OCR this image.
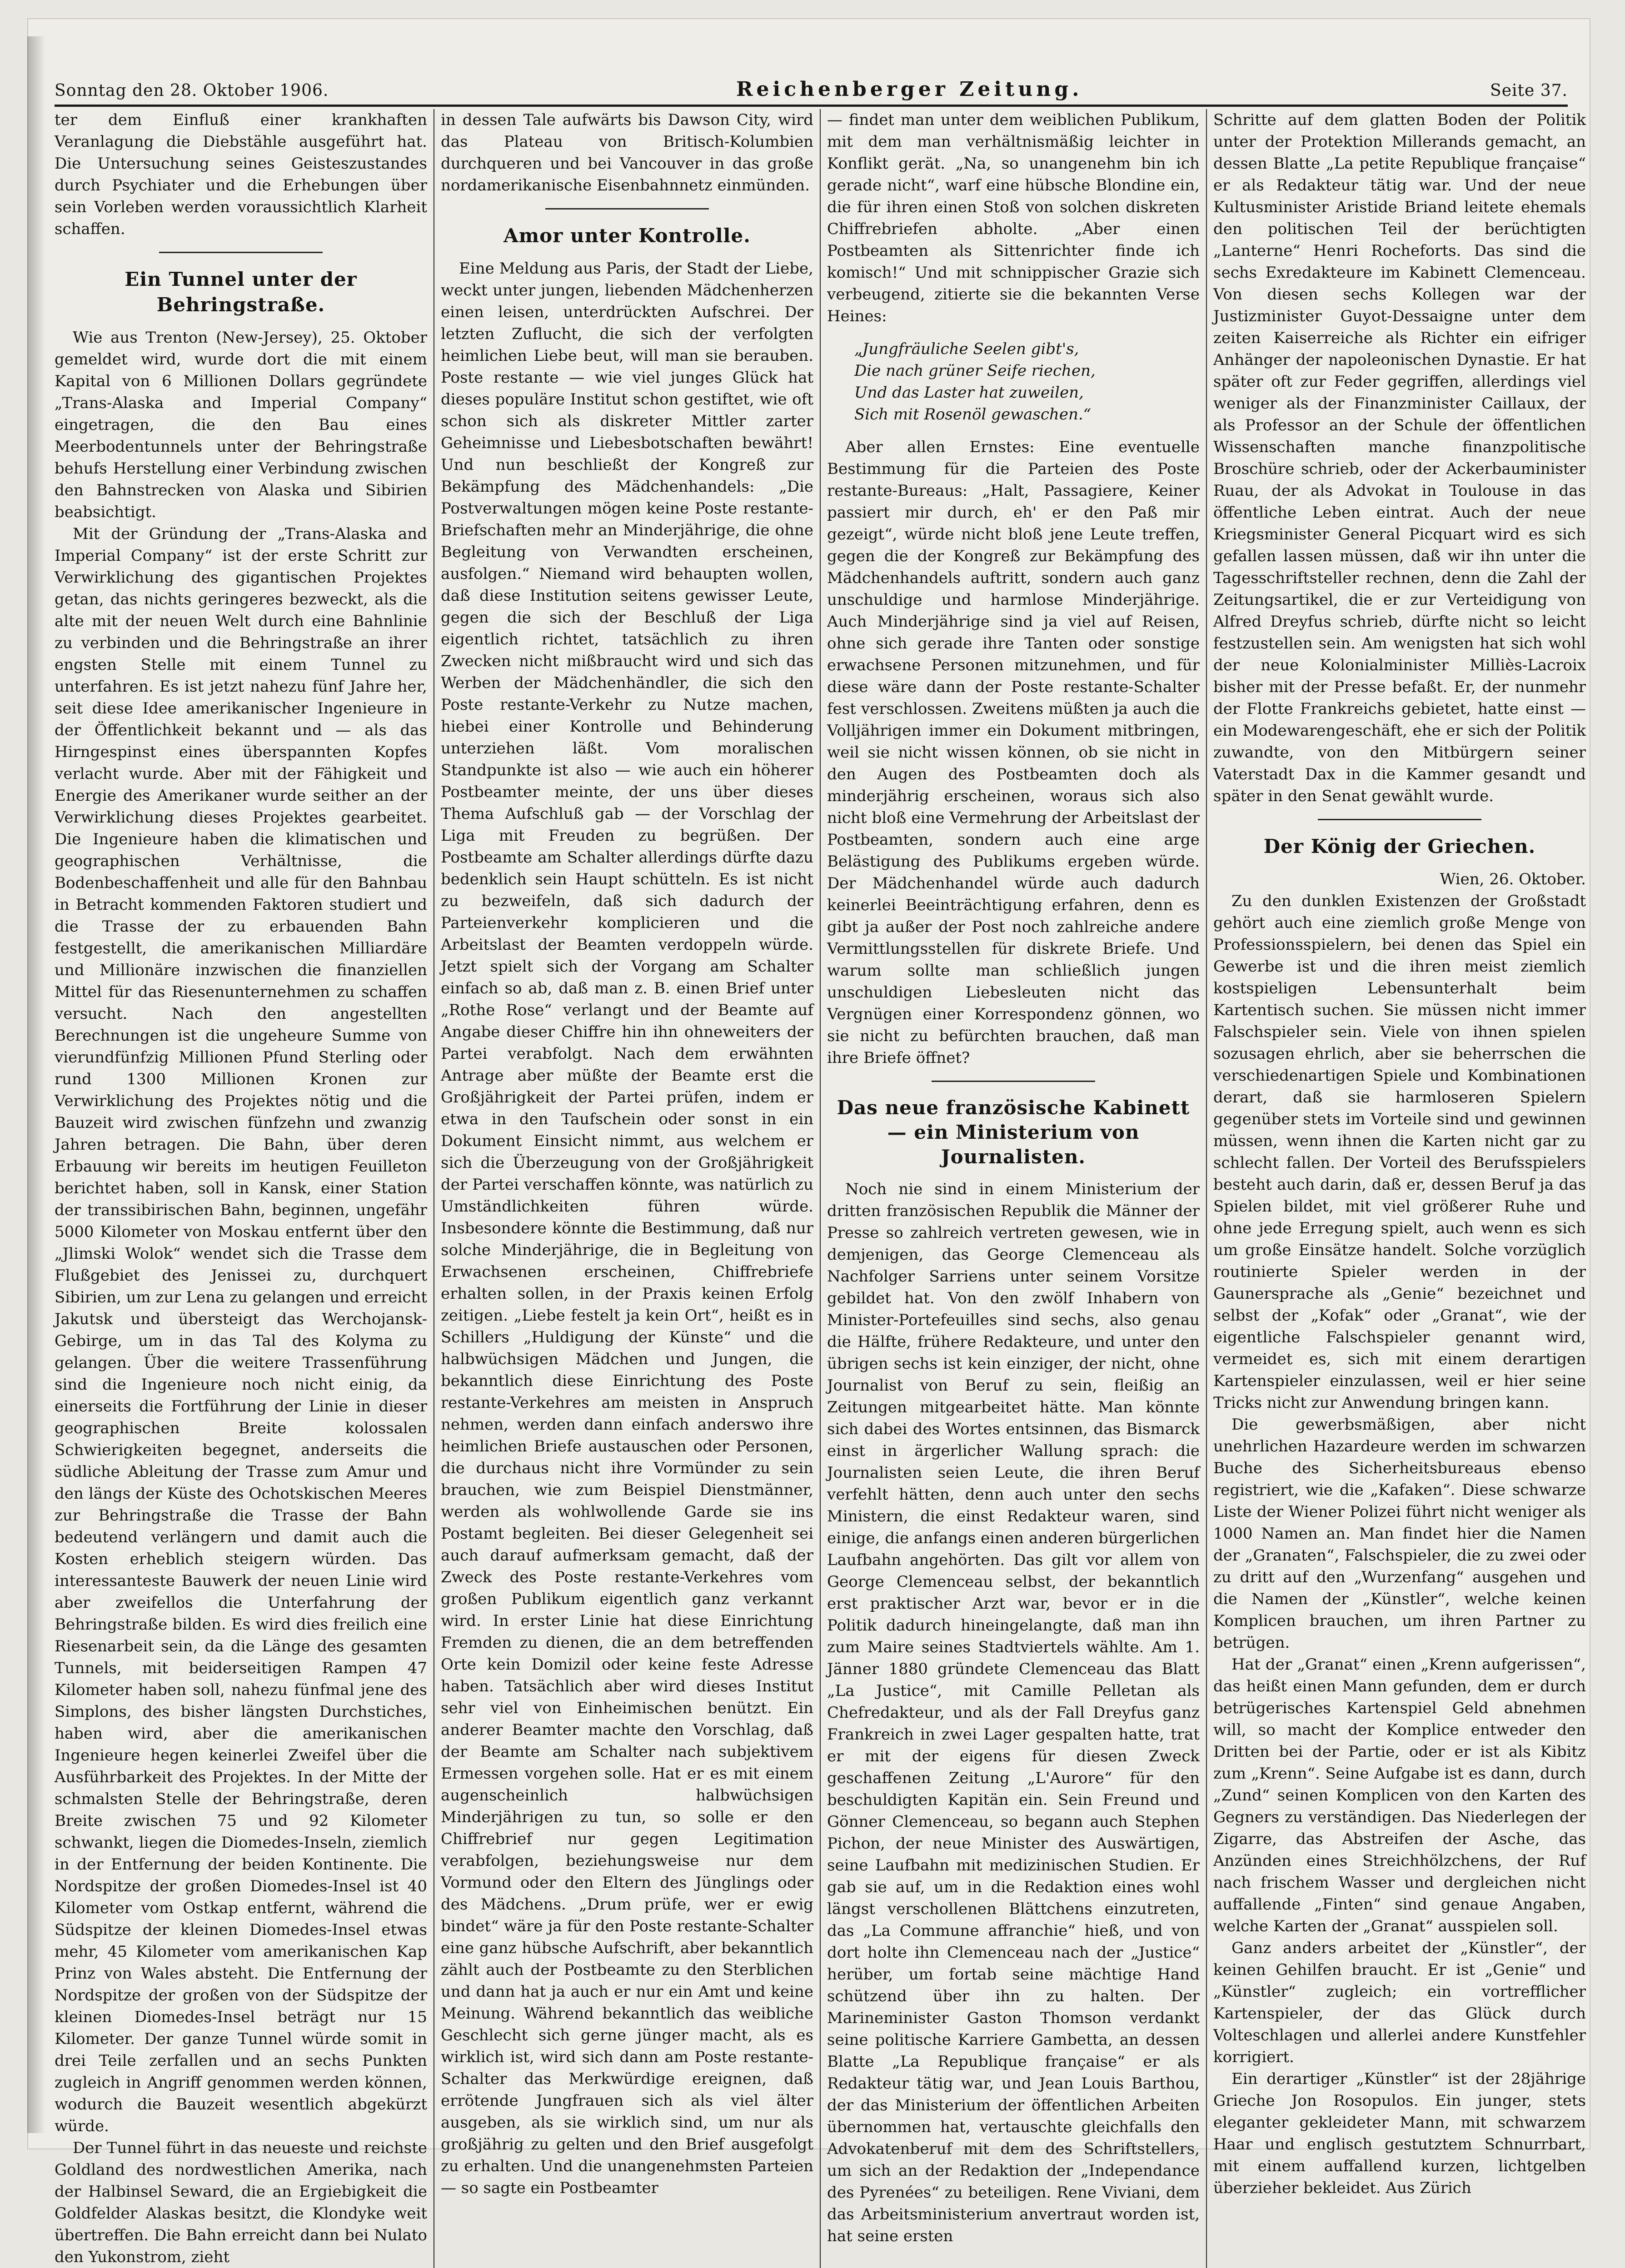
Sonntag den 28. Oktober 1906.	Reichenberger Zeitung.	Seite 37.

ter dem Einfluß einer krankhaften Veranlagung die Diebstähle ausgeführt hat. Die Untersuchung seines Geisteszustandes durch Psychiater und die Erhebungen über sein Vorleben werden voraussichtlich Klarheit schaffen.

Ein Tunnel unter der Behringstraße.

Wie aus Trenton (New-Jersey), 25. Oktober gemeldet wird, wurde dort die mit einem Kapital von 6 Millionen Dollars gegründete „Trans-Alaska and Imperial Company“ eingetragen, die den Bau eines Meerbodentunnels unter der Behringstraße behufs Herstellung einer Verbindung zwischen den Bahnstrecken von Alaska und Sibirien beabsichtigt.

Mit der Gründung der „Trans-Alaska and Imperial Company“ ist der erste Schritt zur Verwirklichung des gigantischen Projektes getan, das nichts geringeres bezweckt, als die alte mit der neuen Welt durch eine Bahnlinie zu verbinden und die Behringstraße an ihrer engsten Stelle mit einem Tunnel zu unterfahren. Es ist jetzt nahezu fünf Jahre her, seit diese Idee amerikanischer Ingenieure in der Öffentlichkeit bekannt und — als das Hirngespinst eines überspannten Kopfes verlacht wurde. Aber mit der Fähigkeit und Energie des Amerikaner wurde seither an der Verwirklichung dieses Projektes gearbeitet. Die Ingenieure haben die klimatischen und geographischen Verhältnisse, die Bodenbeschaffenheit und alle für den Bahnbau in Betracht kommenden Faktoren studiert und die Trasse der zu erbauenden Bahn festgestellt, die amerikanischen Milliardäre und Millionäre inzwischen die finanziellen Mittel für das Riesenunternehmen zu schaffen versucht. Nach den angestellten Berechnungen ist die ungeheure Summe von vierundfünfzig Millionen Pfund Sterling oder rund 1300 Millionen Kronen zur Verwirklichung des Projektes nötig und die Bauzeit wird zwischen fünfzehn und zwanzig Jahren betragen. Die Bahn, über deren Erbauung wir bereits im heutigen Feuilleton berichtet haben, soll in Kansk, einer Station der transsibirischen Bahn, beginnen, ungefähr 5000 Kilometer von Moskau entfernt über den „Jlimski Wolok“ wendet sich die Trasse dem Flußgebiet des Jenissei zu, durchquert Sibirien, um zur Lena zu gelangen und erreicht Jakutsk und übersteigt das Werchojansk-Gebirge, um in das Tal des Kolyma zu gelangen. Über die weitere Trassenführung sind die Ingenieure noch nicht einig, da einerseits die Fortführung der Linie in dieser geographischen Breite kolossalen Schwierigkeiten begegnet, anderseits die südliche Ableitung der Trasse zum Amur und den längs der Küste des Ochotskischen Meeres zur Behringstraße die Trasse der Bahn bedeutend verlängern und damit auch die Kosten erheblich steigern würden. Das interessanteste Bauwerk der neuen Linie wird aber zweifellos die Unterfahrung der Behringstraße bilden. Es wird dies freilich eine Riesenarbeit sein, da die Länge des gesamten Tunnels, mit beiderseitigen Rampen 47 Kilometer haben soll, nahezu fünfmal jene des Simplons, des bisher längsten Durchstiches, haben wird, aber die amerikanischen Ingenieure hegen keinerlei Zweifel über die Ausführbarkeit des Projektes. In der Mitte der schmalsten Stelle der Behringstraße, deren Breite zwischen 75 und 92 Kilometer schwankt, liegen die Diomedes-Inseln, ziemlich in der Entfernung der beiden Kontinente. Die Nordspitze der großen Diomedes-Insel ist 40 Kilometer vom Ostkap entfernt, während die Südspitze der kleinen Diomedes-Insel etwas mehr, 45 Kilometer vom amerikanischen Kap Prinz von Wales absteht. Die Entfernung der Nordspitze der großen von der Südspitze der kleinen Diomedes-Insel beträgt nur 15 Kilometer. Der ganze Tunnel würde somit in drei Teile zerfallen und an sechs Punkten zugleich in Angriff genommen werden können, wodurch die Bauzeit wesentlich abgekürzt würde.

Der Tunnel führt in das neueste und reichste Goldland des nordwestlichen Amerika, nach der Halbinsel Seward, die an Ergiebigkeit die Goldfelder Alaskas besitzt, die Klondyke weit übertreffen. Die Bahn erreicht dann bei Nulato den Yukonstrom, zieht

in dessen Tale aufwärts bis Dawson City, wird das Plateau von Britisch-Kolumbien durchqueren und bei Vancouver in das große nordamerikanische Eisenbahnnetz einmünden.

Amor unter Kontrolle.

Eine Meldung aus Paris, der Stadt der Liebe, weckt unter jungen, liebenden Mädchenherzen einen leisen, unterdrückten Aufschrei. Der letzten Zuflucht, die sich der verfolgten heimlichen Liebe beut, will man sie berauben. Poste restante — wie viel junges Glück hat dieses populäre Institut schon gestiftet, wie oft schon sich als diskreter Mittler zarter Geheimnisse und Liebesbotschaften bewährt! Und nun beschließt der Kongreß zur Bekämpfung des Mädchenhandels: „Die Postverwaltungen mögen keine Poste restante-Briefschaften mehr an Minderjährige, die ohne Begleitung von Verwandten erscheinen, ausfolgen.“ Niemand wird behaupten wollen, daß diese Institution seitens gewisser Leute, gegen die sich der Beschluß der Liga eigentlich richtet, tatsächlich zu ihren Zwecken nicht mißbraucht wird und sich das Werben der Mädchenhändler, die sich den Poste restante-Verkehr zu Nutze machen, hiebei einer Kontrolle und Behinderung unterziehen läßt. Vom moralischen Standpunkte ist also — wie auch ein höherer Postbeamter meinte, der uns über dieses Thema Aufschluß gab — der Vorschlag der Liga mit Freuden zu begrüßen. Der Postbeamte am Schalter allerdings dürfte dazu bedenklich sein Haupt schütteln. Es ist nicht zu bezweifeln, daß sich dadurch der Parteienverkehr komplicieren und die Arbeitslast der Beamten verdoppeln würde. Jetzt spielt sich der Vorgang am Schalter einfach so ab, daß man z. B. einen Brief unter „Rothe Rose“ verlangt und der Beamte auf Angabe dieser Chiffre hin ihn ohneweiters der Partei verabfolgt. Nach dem erwähnten Antrage aber müßte der Beamte erst die Großjährigkeit der Partei prüfen, indem er etwa in den Taufschein oder sonst in ein Dokument Einsicht nimmt, aus welchem er sich die Überzeugung von der Großjährigkeit der Partei verschaffen könnte, was natürlich zu Umständlichkeiten führen würde. Insbesondere könnte die Bestimmung, daß nur solche Minderjährige, die in Begleitung von Erwachsenen erscheinen, Chiffrebriefe erhalten sollen, in der Praxis keinen Erfolg zeitigen. „Liebe festelt ja kein Ort“, heißt es in Schillers „Huldigung der Künste“ und die halbwüchsigen Mädchen und Jungen, die bekanntlich diese Einrichtung des Poste restante-Verkehres am meisten in Anspruch nehmen, werden dann einfach anderswo ihre heimlichen Briefe austauschen oder Personen, die durchaus nicht ihre Vormünder zu sein brauchen, wie zum Beispiel Dienstmänner, werden als wohlwollende Garde sie ins Postamt begleiten. Bei dieser Gelegenheit sei auch darauf aufmerksam gemacht, daß der Zweck des Poste restante-Verkehres vom großen Publikum eigentlich ganz verkannt wird. In erster Linie hat diese Einrichtung Fremden zu dienen, die an dem betreffenden Orte kein Domizil oder keine feste Adresse haben. Tatsächlich aber wird dieses Institut sehr viel von Einheimischen benützt. Ein anderer Beamter machte den Vorschlag, daß der Beamte am Schalter nach subjektivem Ermessen vorgehen solle. Hat er es mit einem augenscheinlich halbwüchsigen Minderjährigen zu tun, so solle er den Chiffrebrief nur gegen Legitimation verabfolgen, beziehungsweise nur dem Vormund oder den Eltern des Jünglings oder des Mädchens. „Drum prüfe, wer er ewig bindet“ wäre ja für den Poste restante-Schalter eine ganz hübsche Aufschrift, aber bekanntlich zählt auch der Postbeamte zu den Sterblichen und dann hat ja auch er nur ein Amt und keine Meinung. Während bekanntlich das weibliche Geschlecht sich gerne jünger macht, als es wirklich ist, wird sich dann am Poste restante-Schalter das Merkwürdige ereignen, daß errötende Jungfrauen sich als viel älter ausgeben, als sie wirklich sind, um nur als großjährig zu gelten und den Brief ausgefolgt zu erhalten. Und die unangenehmsten Parteien — so sagte ein Postbeamter

— findet man unter dem weiblichen Publikum, mit dem man verhältnismäßig leichter in Konflikt gerät. „Na, so unangenehm bin ich gerade nicht“, warf eine hübsche Blondine ein, die für ihren einen Stoß von solchen diskreten Chiffrebriefen abholte. „Aber einen Postbeamten als Sittenrichter finde ich komisch!“ Und mit schnippischer Grazie sich verbeugend, zitierte sie die bekannten Verse Heines:

„Jungfräuliche Seelen gibt's,
Die nach grüner Seife riechen,
Und das Laster hat zuweilen,
Sich mit Rosenöl gewaschen.“

Aber allen Ernstes: Eine eventuelle Bestimmung für die Parteien des Poste restante-Bureaus: „Halt, Passagiere, Keiner passiert mir durch, eh' er den Paß mir gezeigt“, würde nicht bloß jene Leute treffen, gegen die der Kongreß zur Bekämpfung des Mädchenhandels auftritt, sondern auch ganz unschuldige und harmlose Minderjährige. Auch Minderjährige sind ja viel auf Reisen, ohne sich gerade ihre Tanten oder sonstige erwachsene Personen mitzunehmen, und für diese wäre dann der Poste restante-Schalter fest verschlossen. Zweitens müßten ja auch die Volljährigen immer ein Dokument mitbringen, weil sie nicht wissen können, ob sie nicht in den Augen des Postbeamten doch als minderjährig erscheinen, woraus sich also nicht bloß eine Vermehrung der Arbeitslast der Postbeamten, sondern auch eine arge Belästigung des Publikums ergeben würde. Der Mädchenhandel würde auch dadurch keinerlei Beeinträchtigung erfahren, denn es gibt ja außer der Post noch zahlreiche andere Vermittlungsstellen für diskrete Briefe. Und warum sollte man schließlich jungen unschuldigen Liebesleuten nicht das Vergnügen einer Korrespondenz gönnen, wo sie nicht zu befürchten brauchen, daß man ihre Briefe öffnet?

Das neue französische Kabinett — ein Ministerium von Journalisten.

Noch nie sind in einem Ministerium der dritten französischen Republik die Männer der Presse so zahlreich vertreten gewesen, wie in demjenigen, das George Clemenceau als Nachfolger Sarriens unter seinem Vorsitze gebildet hat. Von den zwölf Inhabern von Minister-Portefeuilles sind sechs, also genau die Hälfte, frühere Redakteure, und unter den übrigen sechs ist kein einziger, der nicht, ohne Journalist von Beruf zu sein, fleißig an Zeitungen mitgearbeitet hätte. Man könnte sich dabei des Wortes entsinnen, das Bismarck einst in ärgerlicher Wallung sprach: die Journalisten seien Leute, die ihren Beruf verfehlt hätten, denn auch unter den sechs Ministern, die einst Redakteur waren, sind einige, die anfangs einen anderen bürgerlichen Laufbahn angehörten. Das gilt vor allem von George Clemenceau selbst, der bekanntlich erst praktischer Arzt war, bevor er in die Politik dadurch hineingelangte, daß man ihn zum Maire seines Stadtviertels wählte. Am 1. Jänner 1880 gründete Clemenceau das Blatt „La Justice“, mit Camille Pelletan als Chefredakteur, und als der Fall Dreyfus ganz Frankreich in zwei Lager gespalten hatte, trat er mit der eigens für diesen Zweck geschaffenen Zeitung „L'Aurore“ für den beschuldigten Kapitän ein. Sein Freund und Gönner Clemenceau, so begann auch Stephen Pichon, der neue Minister des Auswärtigen, seine Laufbahn mit medizinischen Studien. Er gab sie auf, um in die Redaktion eines wohl längst verschollenen Blättchens einzutreten, das „La Commune affranchie“ hieß, und von dort holte ihn Clemenceau nach der „Justice“ herüber, um fortab seine mächtige Hand schützend über ihn zu halten. Der Marineminister Gaston Thomson verdankt seine politische Karriere Gambetta, an dessen Blatte „La Republique française“ er als Redakteur tätig war, und Jean Louis Barthou, der das Ministerium der öffentlichen Arbeiten übernommen hat, vertauschte gleichfalls den Advokatenberuf mit dem des Schriftstellers, um sich an der Redaktion der „Independance des Pyrenées“ zu beteiligen. Rene Viviani, dem das Arbeitsministerium anvertraut worden ist, hat seine ersten

Schritte auf dem glatten Boden der Politik unter der Protektion Millerands gemacht, an dessen Blatte „La petite Republique française“ er als Redakteur tätig war. Und der neue Kultusminister Aristide Briand leitete ehemals den politischen Teil der berüchtigten „Lanterne“ Henri Rocheforts. Das sind die sechs Exredakteure im Kabinett Clemenceau. Von diesen sechs Kollegen war der Justizminister Guyot-Dessaigne unter dem zeiten Kaiserreiche als Richter ein eifriger Anhänger der napoleonischen Dynastie. Er hat später oft zur Feder gegriffen, allerdings viel weniger als der Finanzminister Caillaux, der als Professor an der Schule der öffentlichen Wissenschaften manche finanzpolitische Broschüre schrieb, oder der Ackerbauminister Ruau, der als Advokat in Toulouse in das öffentliche Leben eintrat. Auch der neue Kriegsminister General Picquart wird es sich gefallen lassen müssen, daß wir ihn unter die Tagesschriftsteller rechnen, denn die Zahl der Zeitungsartikel, die er zur Verteidigung von Alfred Dreyfus schrieb, dürfte nicht so leicht festzustellen sein. Am wenigsten hat sich wohl der neue Kolonialminister Milliès-Lacroix bisher mit der Presse befaßt. Er, der nunmehr der Flotte Frankreichs gebietet, hatte einst — ein Modewarengeschäft, ehe er sich der Politik zuwandte, von den Mitbürgern seiner Vaterstadt Dax in die Kammer gesandt und später in den Senat gewählt wurde.

Der König der Griechen.

Wien, 26. Oktober.

Zu den dunklen Existenzen der Großstadt gehört auch eine ziemlich große Menge von Professionsspielern, bei denen das Spiel ein Gewerbe ist und die ihren meist ziemlich kostspieligen Lebensunterhalt beim Kartentisch suchen. Sie müssen nicht immer Falschspieler sein. Viele von ihnen spielen sozusagen ehrlich, aber sie beherrschen die verschiedenartigen Spiele und Kombinationen derart, daß sie harmloseren Spielern gegenüber stets im Vorteile sind und gewinnen müssen, wenn ihnen die Karten nicht gar zu schlecht fallen. Der Vorteil des Berufsspielers besteht auch darin, daß er, dessen Beruf ja das Spielen bildet, mit viel größerer Ruhe und ohne jede Erregung spielt, auch wenn es sich um große Einsätze handelt. Solche vorzüglich routinierte Spieler werden in der Gaunersprache als „Genie“ bezeichnet und selbst der „Kofak“ oder „Granat“, wie der eigentliche Falschspieler genannt wird, vermeidet es, sich mit einem derartigen Kartenspieler einzulassen, weil er hier seine Tricks nicht zur Anwendung bringen kann.

Die gewerbsmäßigen, aber nicht unehrlichen Hazardeure werden im schwarzen Buche des Sicherheitsbureaus ebenso registriert, wie die „Kafaken“. Diese schwarze Liste der Wiener Polizei führt nicht weniger als 1000 Namen an. Man findet hier die Namen der „Granaten“, Falschspieler, die zu zwei oder zu dritt auf den „Wurzenfang“ ausgehen und die Namen der „Künstler“, welche keinen Komplicen brauchen, um ihren Partner zu betrügen.

Hat der „Granat“ einen „Krenn aufgerissen“, das heißt einen Mann gefunden, dem er durch betrügerisches Kartenspiel Geld abnehmen will, so macht der Komplice entweder den Dritten bei der Partie, oder er ist als Kibitz zum „Krenn“. Seine Aufgabe ist es dann, durch „Zund“ seinen Komplicen von den Karten des Gegners zu verständigen. Das Niederlegen der Zigarre, das Abstreifen der Asche, das Anzünden eines Streichhölzchens, der Ruf nach frischem Wasser und dergleichen nicht auffallende „Finten“ sind genaue Angaben, welche Karten der „Granat“ ausspielen soll.

Ganz anders arbeitet der „Künstler“, der keinen Gehilfen braucht. Er ist „Genie“ und „Künstler“ zugleich; ein vortrefflicher Kartenspieler, der das Glück durch Volteschlagen und allerlei andere Kunstfehler korrigiert.

Ein derartiger „Künstler“ ist der 28jährige Grieche Jon Rosopulos. Ein junger, stets eleganter gekleideter Mann, mit schwarzem Haar und englisch gestutztem Schnurrbart, mit einem auffallend kurzen, lichtgelben überzieher bekleidet. Aus Zürich
